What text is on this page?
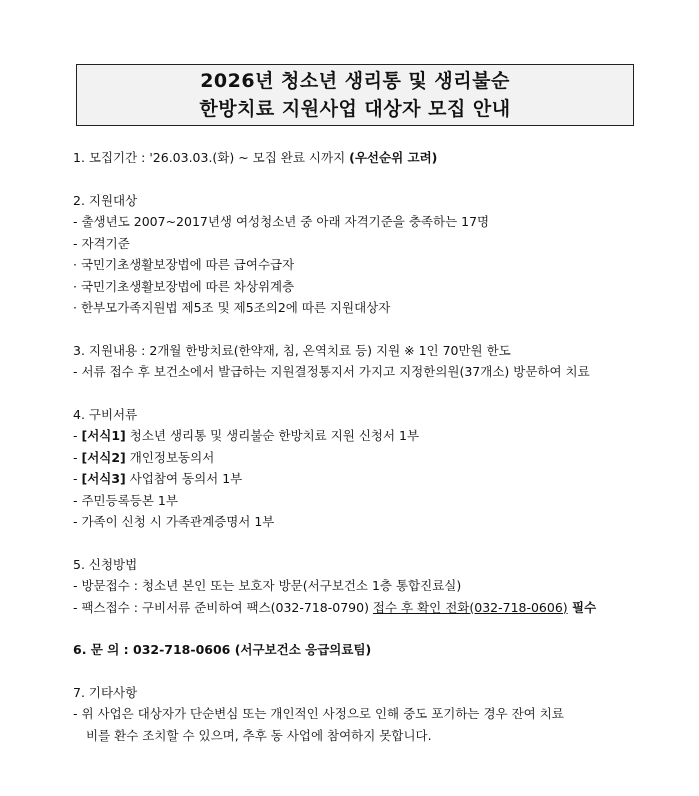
2026년 청소년 생리통 및 생리불순
한방치료 지원사업 대상자 모집 안내
1. 모집기간 : '26.03.03.(화) ~ 모집 완료 시까지 (우선순위 고려)
2. 지원대상
- 출생년도 2007~2017년생 여성청소년 중 아래 자격기준을 충족하는 17명
- 자격기준
· 국민기초생활보장법에 따른 급여수급자
· 국민기초생활보장법에 따른 차상위계층
· 한부모가족지원법 제5조 및 제5조의2에 따른 지원대상자
3. 지원내용 : 2개월 한방치료(한약재, 침, 온역치료 등) 지원 ※ 1인 70만원 한도
- 서류 접수 후 보건소에서 발급하는 지원결정통지서 가지고 지정한의원(37개소) 방문하여 치료
4. 구비서류
- [서식1] 청소년 생리통 및 생리불순 한방치료 지원 신청서 1부
- [서식2] 개인정보동의서
- [서식3] 사업참여 동의서 1부
- 주민등록등본 1부
- 가족이 신청 시 가족관계증명서 1부
5. 신청방법
- 방문접수 : 청소년 본인 또는 보호자 방문(서구보건소 1층 통합진료실)
- 팩스접수 : 구비서류 준비하여 팩스(032-718-0790) 접수 후 확인 전화(032-718-0606) 필수
6. 문 의 : 032-718-0606 (서구보건소 응급의료팀)
7. 기타사항
- 위 사업은 대상자가 단순변심 또는 개인적인 사정으로 인해 중도 포기하는 경우 잔여 치료
비를 환수 조치할 수 있으며, 추후 동 사업에 참여하지 못합니다.
